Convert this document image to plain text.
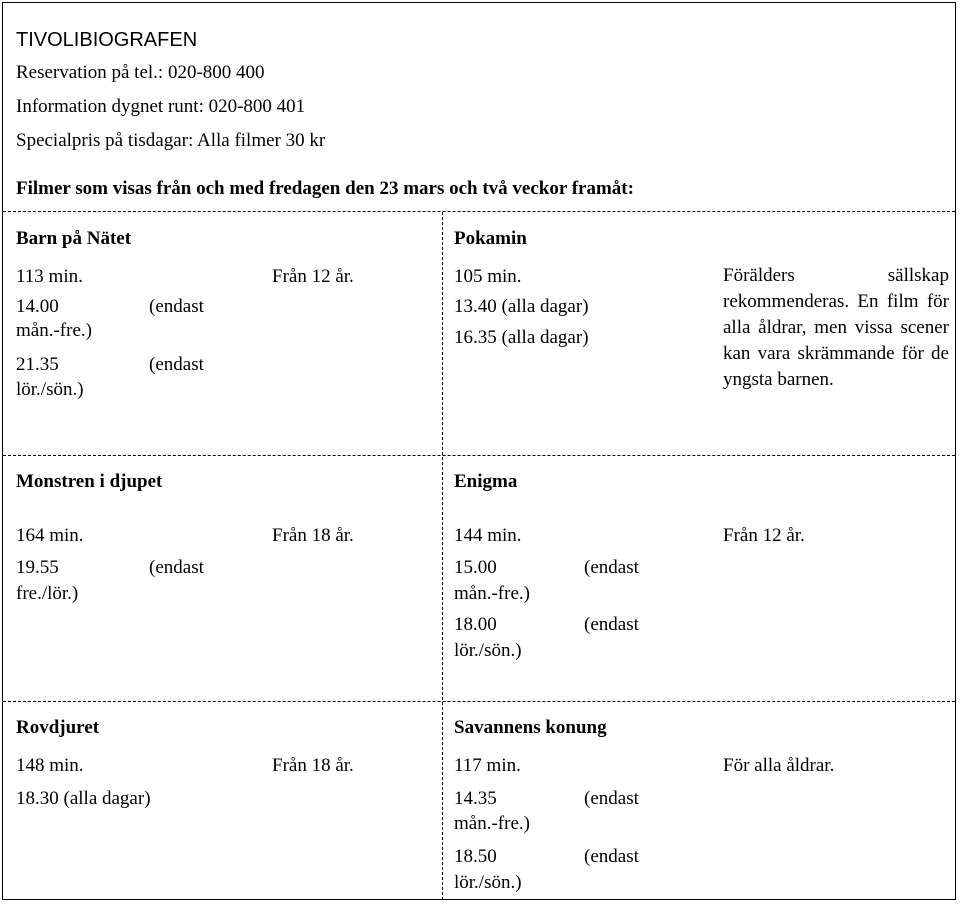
TIVOLIBIOGRAFEN
Reservation på tel.: 020-800 400
Information dygnet runt: 020-800 401
Specialpris på tisdagar: Alla filmer 30 kr
Filmer som visas från och med fredagen den 23 mars och två veckor framåt:
Barn på Nätet
113 min.	Från 12 år.
14.00	(endast
mån.-fre.)
21.35	(endast
lör./sön.)
Pokamin
105 min.
13.40 (alla dagar)
16.35 (alla dagar)
Förälders sällskap rekommenderas. En film för alla åldrar, men vissa scener kan vara skrämmande för de yngsta barnen.
Monstren i djupet
164 min.	Från 18 år.
19.55	(endast
fre./lör.)
Enigma
144 min.	Från 12 år.
15.00	(endast
mån.-fre.)
18.00	(endast
lör./sön.)
Rovdjuret
148 min.	Från 18 år.
18.30 (alla dagar)
Savannens konung
117 min.	För alla åldrar.
14.35	(endast
mån.-fre.)
18.50	(endast
lör./sön.)
